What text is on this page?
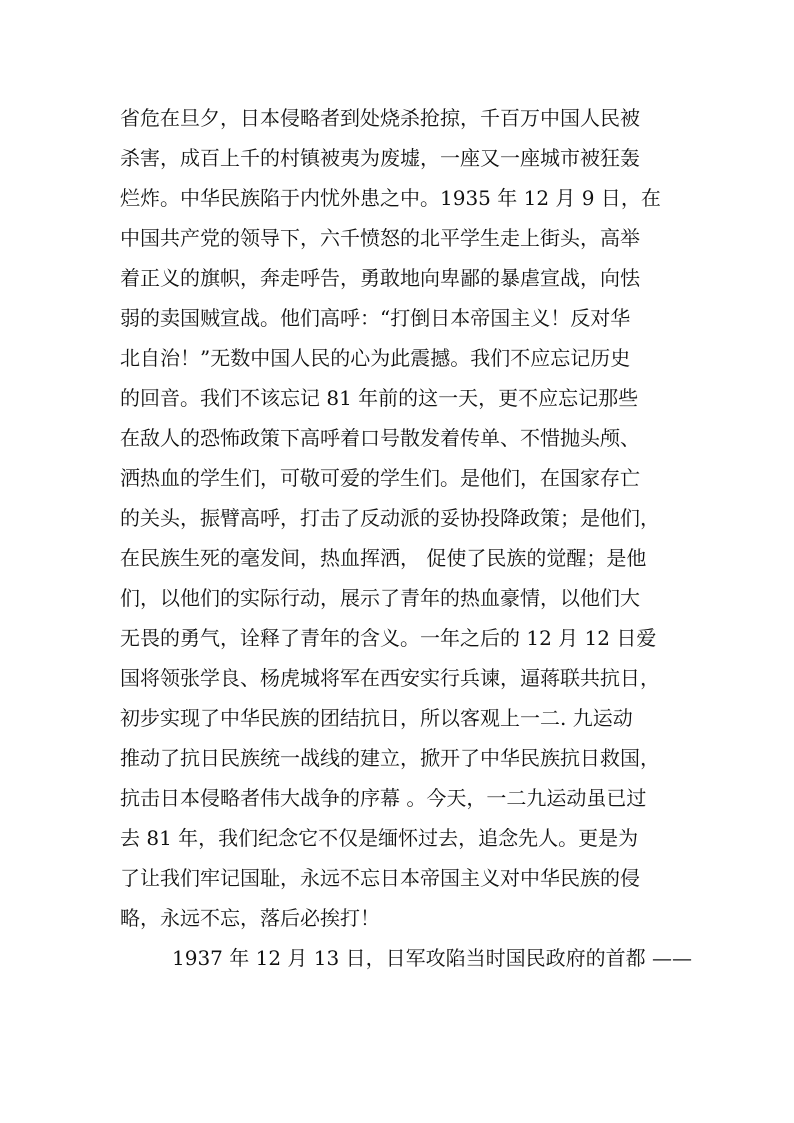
省危在旦夕，日本侵略者到处烧杀抢掠，千百万中国人民被
杀害，成百上千的村镇被夷为废墟，一座又一座城市被狂轰
烂炸。中华民族陷于内忧外患之中。1935 年 12 月 9 日，在
中国共产党的领导下，六千愤怒的北平学生走上街头，高举
着正义的旗帜，奔走呼告，勇敢地向卑鄙的暴虐宣战，向怯
弱的卖国贼宣战。他们高呼：“打倒日本帝国主义！反对华
北自治！”无数中国人民的心为此震撼。我们不应忘记历史
的回音。我们不该忘记 81 年前的这一天，更不应忘记那些
在敌人的恐怖政策下高呼着口号散发着传单、不惜抛头颅、
洒热血的学生们，可敬可爱的学生们。是他们，在国家存亡
的关头，振臂高呼，打击了反动派的妥协投降政策；是他们，
在民族生死的毫发间，热血挥洒， 促使了民族的觉醒；是他
们，以他们的实际行动，展示了青年的热血豪情，以他们大
无畏的勇气，诠释了青年的含义。一年之后的 12 月 12 日爱
国将领张学良、杨虎城将军在西安实行兵谏，逼蒋联共抗日，
初步实现了中华民族的团结抗日，所以客观上一二. 九运动
推动了抗日民族统一战线的建立，掀开了中华民族抗日救国，
抗击日本侵略者伟大战争的序幕 。今天，一二九运动虽已过
去 81 年，我们纪念它不仅是缅怀过去，追念先人。更是为
了让我们牢记国耻，永远不忘日本帝国主义对中华民族的侵
略，永远不忘，落后必挨打！
1937 年 12 月 13 日，日军攻陷当时国民政府的首都 ——
